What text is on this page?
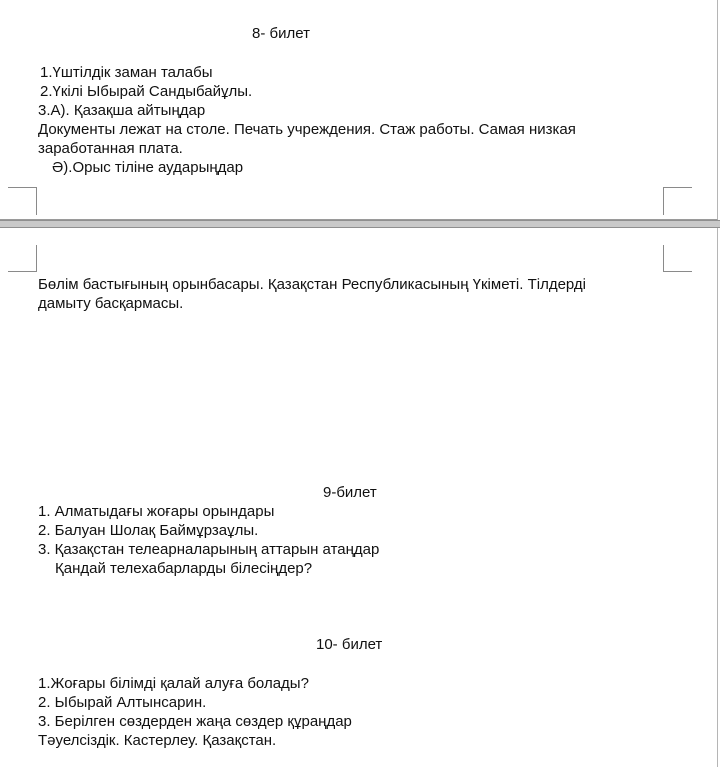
8- билет
1.Үштілдік заман талабы
2.Үкілі Ыбырай Сандыбайұлы.
3.А). Қазақша айтыңдар
Документы лежат на столе. Печать учреждения. Стаж работы. Самая низкая
заработанная плата.
Ә).Орыс тіліне аударыңдар
Бөлім бастығының орынбасары. Қазақстан Республикасының Үкіметі. Тілдерді
дамыту басқармасы.
9-билет
1. Алматыдағы жоғары орындары
2. Балуан Шолақ Баймұрзаұлы.
3. Қазақстан телеарналарының аттарын атаңдар
Қандай телехабарларды білесіңдер?
10- билет
1.Жоғары білімді қалай алуға болады?
2. Ыбырай Алтынсарин.
3. Берілген сөздерден жаңа сөздер құраңдар
Тәуелсіздік. Кастерлеу. Қазақстан.
